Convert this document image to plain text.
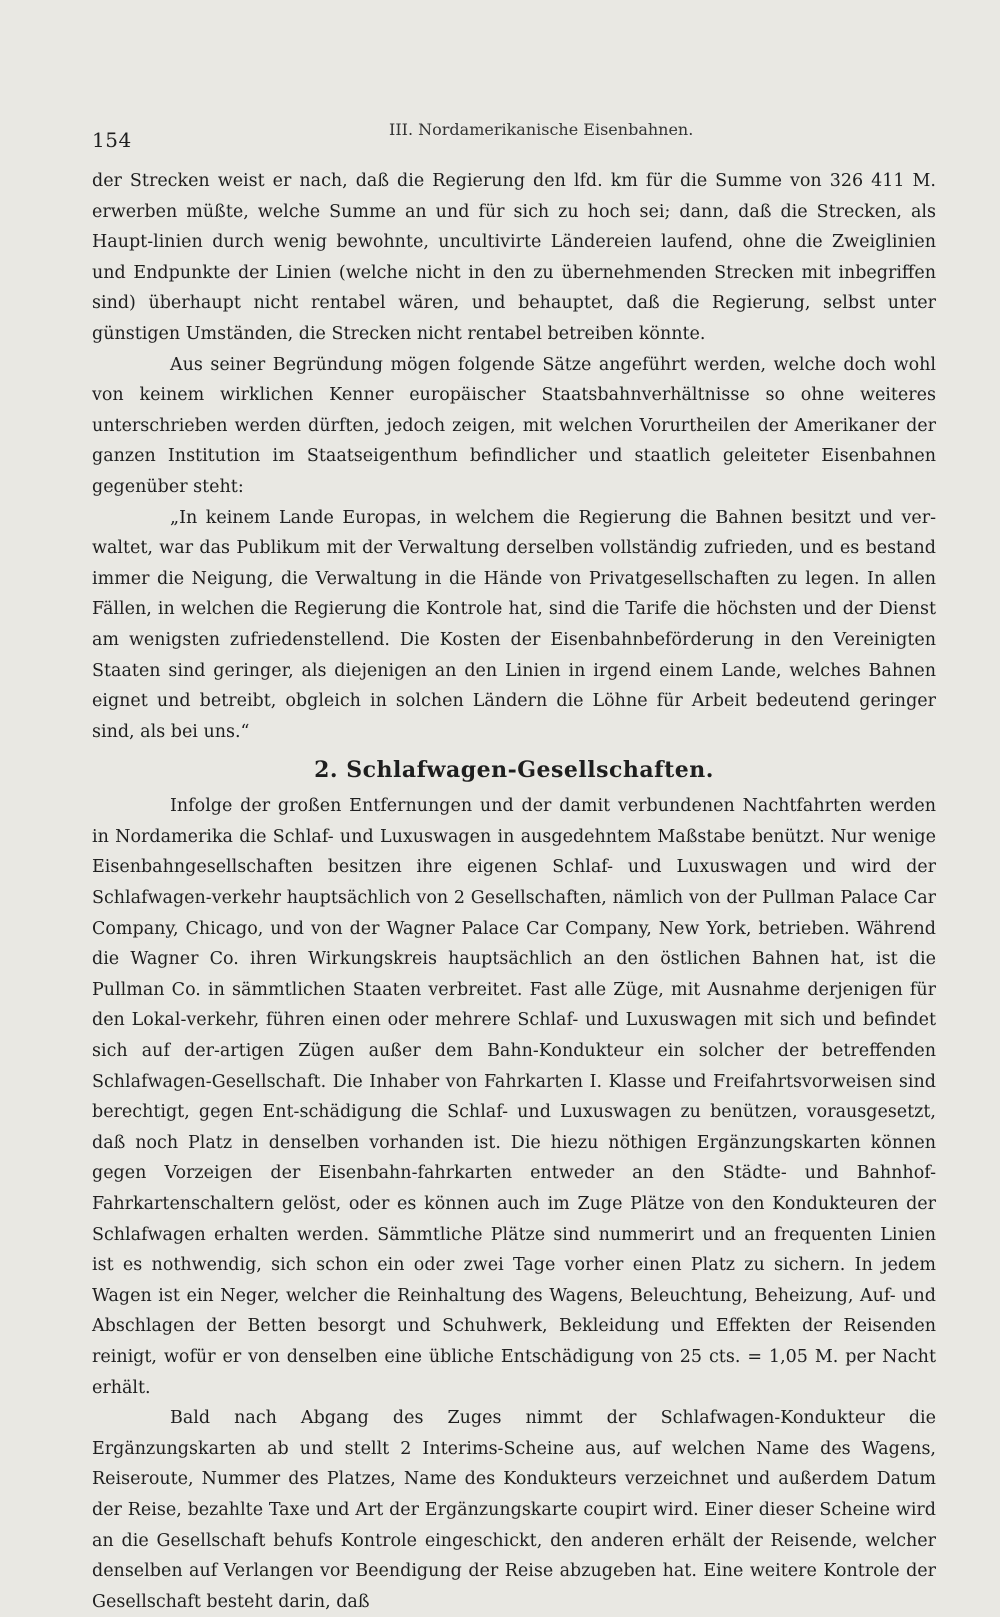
154	III. Nordamerikanische Eisenbahnen.

der Strecken weist er nach, daß die Regierung den lfd. km für die Summe von 326 411 M. erwerben müßte, welche Summe an und für sich zu hoch sei; dann, daß die Strecken, als Haupt-linien durch wenig bewohnte, uncultivirte Ländereien laufend, ohne die Zweiglinien und Endpunkte der Linien (welche nicht in den zu übernehmenden Strecken mit inbegriffen sind) überhaupt nicht rentabel wären, und behauptet, daß die Regierung, selbst unter günstigen Umständen, die Strecken nicht rentabel betreiben könnte.

Aus seiner Begründung mögen folgende Sätze angeführt werden, welche doch wohl von keinem wirklichen Kenner europäischer Staatsbahnverhältnisse so ohne weiteres unterschrieben werden dürften, jedoch zeigen, mit welchen Vorurtheilen der Amerikaner der ganzen Institution im Staatseigenthum befindlicher und staatlich geleiteter Eisenbahnen gegenüber steht:

„In keinem Lande Europas, in welchem die Regierung die Bahnen besitzt und ver-waltet, war das Publikum mit der Verwaltung derselben vollständig zufrieden, und es bestand immer die Neigung, die Verwaltung in die Hände von Privatgesellschaften zu legen. In allen Fällen, in welchen die Regierung die Kontrole hat, sind die Tarife die höchsten und der Dienst am wenigsten zufriedenstellend. Die Kosten der Eisenbahnbeförderung in den Vereinigten Staaten sind geringer, als diejenigen an den Linien in irgend einem Lande, welches Bahnen eignet und betreibt, obgleich in solchen Ländern die Löhne für Arbeit bedeutend geringer sind, als bei uns.“

2. Schlafwagen-Gesellschaften.

Infolge der großen Entfernungen und der damit verbundenen Nachtfahrten werden in Nordamerika die Schlaf- und Luxuswagen in ausgedehntem Maßstabe benützt. Nur wenige Eisenbahngesellschaften besitzen ihre eigenen Schlaf- und Luxuswagen und wird der Schlafwagen-verkehr hauptsächlich von 2 Gesellschaften, nämlich von der Pullman Palace Car Company, Chicago, und von der Wagner Palace Car Company, New York, betrieben. Während die Wagner Co. ihren Wirkungskreis hauptsächlich an den östlichen Bahnen hat, ist die Pullman Co. in sämmtlichen Staaten verbreitet. Fast alle Züge, mit Ausnahme derjenigen für den Lokal-verkehr, führen einen oder mehrere Schlaf- und Luxuswagen mit sich und befindet sich auf der-artigen Zügen außer dem Bahn-Kondukteur ein solcher der betreffenden Schlafwagen-Gesellschaft. Die Inhaber von Fahrkarten I. Klasse und Freifahrtsvorweisen sind berechtigt, gegen Ent-schädigung die Schlaf- und Luxuswagen zu benützen, vorausgesetzt, daß noch Platz in denselben vorhanden ist. Die hiezu nöthigen Ergänzungskarten können gegen Vorzeigen der Eisenbahn-fahrkarten entweder an den Städte- und Bahnhof-Fahrkartenschaltern gelöst, oder es können auch im Zuge Plätze von den Kondukteuren der Schlafwagen erhalten werden. Sämmtliche Plätze sind nummerirt und an frequenten Linien ist es nothwendig, sich schon ein oder zwei Tage vorher einen Platz zu sichern. In jedem Wagen ist ein Neger, welcher die Reinhaltung des Wagens, Beleuchtung, Beheizung, Auf- und Abschlagen der Betten besorgt und Schuhwerk, Bekleidung und Effekten der Reisenden reinigt, wofür er von denselben eine übliche Entschädigung von 25 cts. = 1,05 M. per Nacht erhält.

Bald nach Abgang des Zuges nimmt der Schlafwagen-Kondukteur die Ergänzungskarten ab und stellt 2 Interims-Scheine aus, auf welchen Name des Wagens, Reiseroute, Nummer des Platzes, Name des Kondukteurs verzeichnet und außerdem Datum der Reise, bezahlte Taxe und Art der Ergänzungskarte coupirt wird. Einer dieser Scheine wird an die Gesellschaft behufs Kontrole eingeschickt, den anderen erhält der Reisende, welcher denselben auf Verlangen vor Beendigung der Reise abzugeben hat. Eine weitere Kontrole der Gesellschaft besteht darin, daß
